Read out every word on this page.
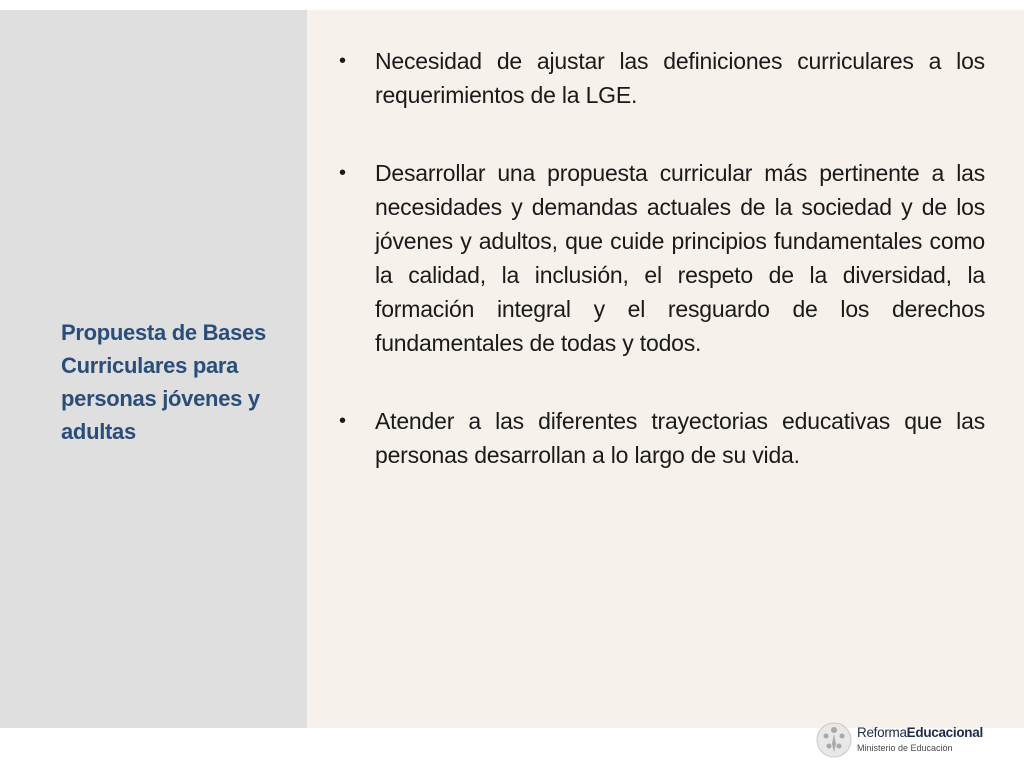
Propuesta de Bases Curriculares para personas jóvenes y adultas
• Necesidad de ajustar las definiciones curriculares a los requerimientos de la LGE.
• Desarrollar una propuesta curricular más pertinente a las necesidades y demandas actuales de la sociedad y de los jóvenes y adultos, que cuide principios fundamentales como la calidad, la inclusión, el respeto de la diversidad, la formación integral y el resguardo de los derechos fundamentales de todas y todos.
• Atender a las diferentes trayectorias educativas que las personas desarrollan a lo largo de su vida.
ReformaEducacional
Ministerio de Educación
